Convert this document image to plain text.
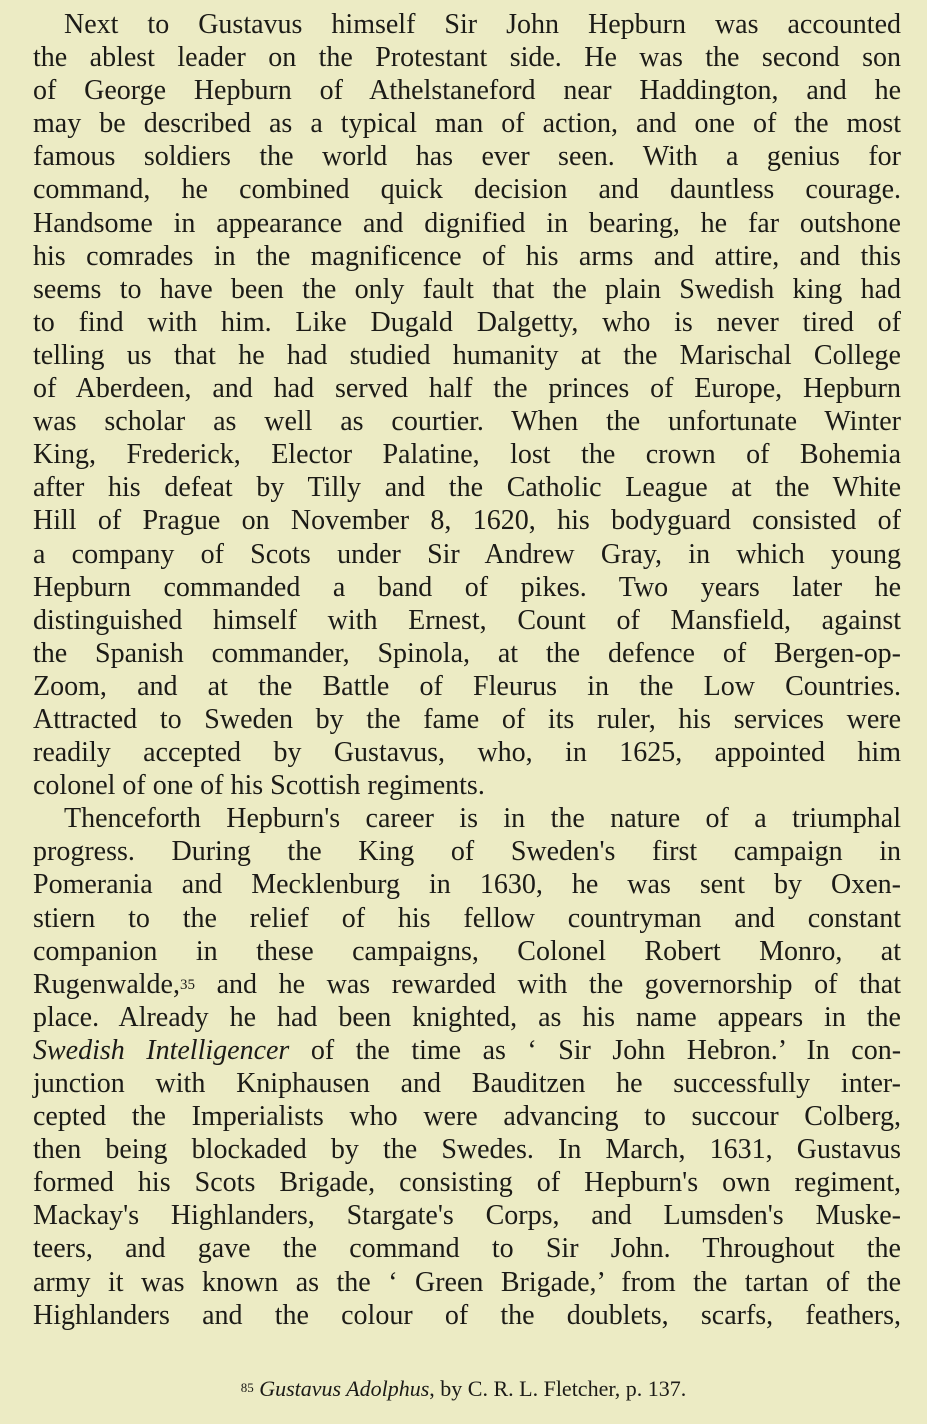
Next to Gustavus himself Sir John Hepburn was accounted
the ablest leader on the Protestant side. He was the second son
of George Hepburn of Athelstaneford near Haddington, and he
may be described as a typical man of action, and one of the most
famous soldiers the world has ever seen. With a genius for
command, he combined quick decision and dauntless courage.
Handsome in appearance and dignified in bearing, he far outshone
his comrades in the magnificence of his arms and attire, and this
seems to have been the only fault that the plain Swedish king had
to find with him. Like Dugald Dalgetty, who is never tired of
telling us that he had studied humanity at the Marischal College
of Aberdeen, and had served half the princes of Europe, Hepburn
was scholar as well as courtier. When the unfortunate Winter
King, Frederick, Elector Palatine, lost the crown of Bohemia
after his defeat by Tilly and the Catholic League at the White
Hill of Prague on November 8, 1620, his bodyguard consisted of
a company of Scots under Sir Andrew Gray, in which young
Hepburn commanded a band of pikes. Two years later he
distinguished himself with Ernest, Count of Mansfield, against
the Spanish commander, Spinola, at the defence of Bergen-op-
Zoom, and at the Battle of Fleurus in the Low Countries.
Attracted to Sweden by the fame of its ruler, his services were
readily accepted by Gustavus, who, in 1625, appointed him
colonel of one of his Scottish regiments.
Thenceforth Hepburn's career is in the nature of a triumphal
progress. During the King of Sweden's first campaign in
Pomerania and Mecklenburg in 1630, he was sent by Oxen-
stiern to the relief of his fellow countryman and constant
companion in these campaigns, Colonel Robert Monro, at
Rugenwalde,$^{35}$ and he was rewarded with the governorship of that
place. Already he had been knighted, as his name appears in the
Swedish Intelligencer of the time as ‘ Sir John Hebron.’ In con-
junction with Kniphausen and Bauditzen he successfully inter-
cepted the Imperialists who were advancing to succour Colberg,
then being blockaded by the Swedes. In March, 1631, Gustavus
formed his Scots Brigade, consisting of Hepburn's own regiment,
Mackay's Highlanders, Stargate's Corps, and Lumsden's Muske-
teers, and gave the command to Sir John. Throughout the
army it was known as the ‘ Green Brigade,’ from the tartan of the
Highlanders and the colour of the doublets, scarfs, feathers,
$^{85}$ Gustavus Adolphus, by C. R. L. Fletcher, p. 137.
